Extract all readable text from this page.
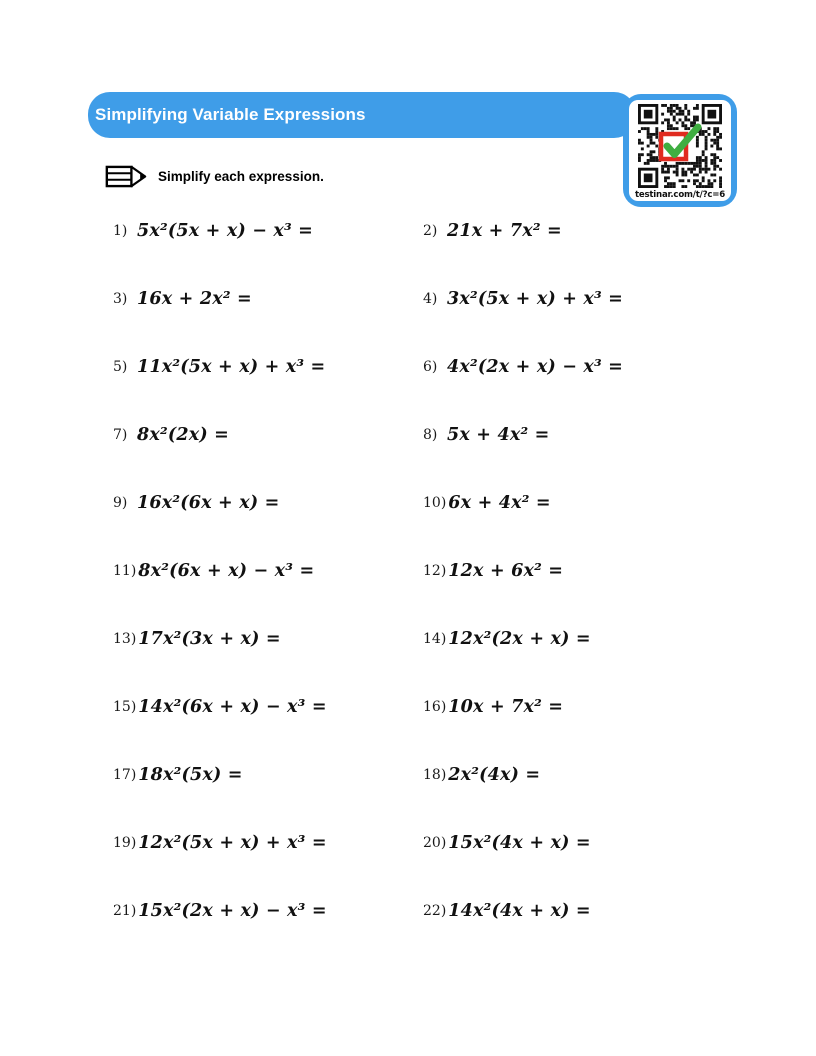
Simplifying Variable Expressions
testinar.com/t/?c=6
Simplify each expression.
1) 5x²(5x + x) − x³ =	2) 21x + 7x² =
3) 16x + 2x² =	4) 3x²(5x + x) + x³ =
5) 11x²(5x + x) + x³ =	6) 4x²(2x + x) − x³ =
7) 8x²(2x) =	8) 5x + 4x² =
9) 16x²(6x + x) =	10) 6x + 4x² =
11) 8x²(6x + x) − x³ =	12) 12x + 6x² =
13) 17x²(3x + x) =	14) 12x²(2x + x) =
15) 14x²(6x + x) − x³ =	16) 10x + 7x² =
17) 18x²(5x) =	18) 2x²(4x) =
19) 12x²(5x + x) + x³ =	20) 15x²(4x + x) =
21) 15x²(2x + x) − x³ =	22) 14x²(4x + x) =
